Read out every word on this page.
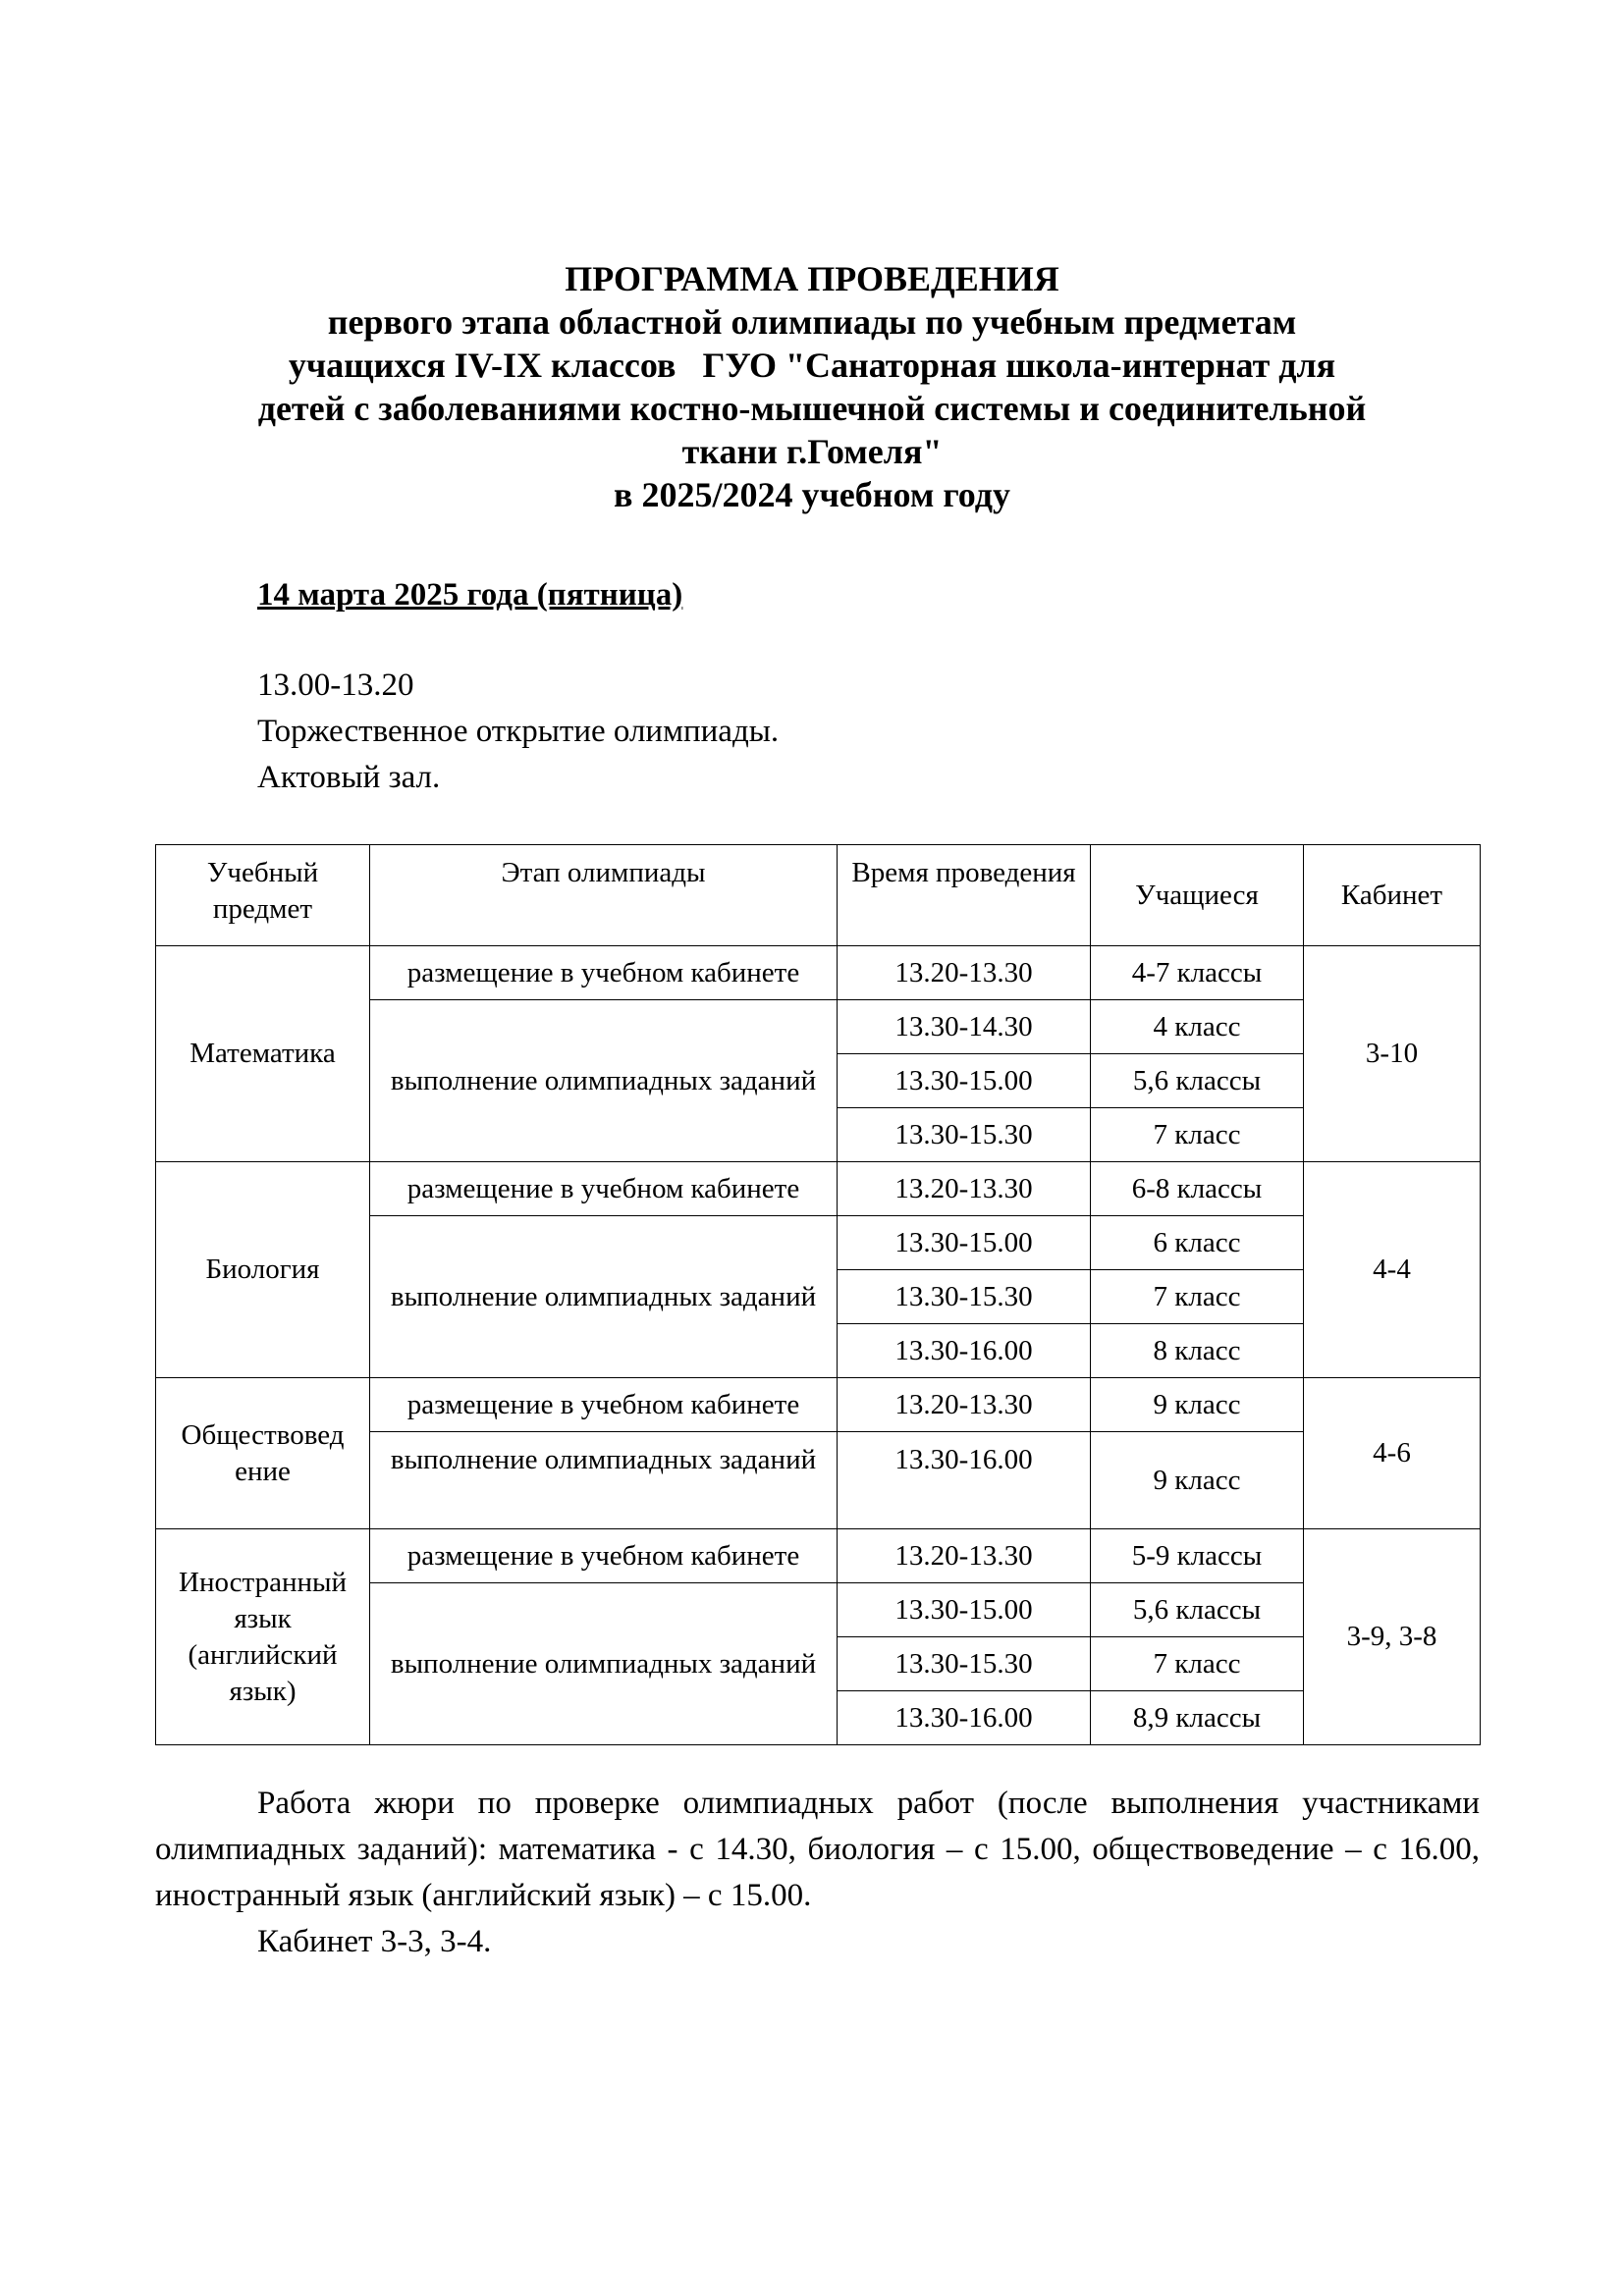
ПРОГРАММА ПРОВЕДЕНИЯ
первого этапа областной олимпиады по учебным предметам
учащихся IV-IX классов   ГУО "Санаторная школа-интернат для
детей с заболеваниями костно-мышечной системы и соединительной
ткани г.Гомеля"
в 2025/2024 учебном году
14 марта 2025 года (пятница)
13.00-13.20
Торжественное открытие олимпиады.
Актовый зал.
Учебный предмет	Этап олимпиады	Время проведения	Учащиеся	Кабинет
Математика	размещение в учебном кабинете	13.20-13.30	4-7 классы	3-10
	выполнение олимпиадных заданий	13.30-14.30	4 класс	
		13.30-15.00	5,6 классы	
		13.30-15.30	7 класс	
Биология	размещение в учебном кабинете	13.20-13.30	6-8 классы	4-4
	выполнение олимпиадных заданий	13.30-15.00	6 класс	
		13.30-15.30	7 класс	
		13.30-16.00	8 класс	
Обществовед ение	размещение в учебном кабинете	13.20-13.30	9 класс	4-6
	выполнение олимпиадных заданий	13.30-16.00	9 класс	
Иностранный язык (английский язык)	размещение в учебном кабинете	13.20-13.30	5-9 классы	3-9, 3-8
	выполнение олимпиадных заданий	13.30-15.00	5,6 классы	
		13.30-15.30	7 класс	
		13.30-16.00	8,9 классы	

Работа жюри по проверке олимпиадных работ (после выполнения участниками олимпиадных заданий): математика - с 14.30, биология – с 15.00, обществоведение – с 16.00, иностранный язык (английский язык) – с 15.00.

Кабинет 3-3, 3-4.
